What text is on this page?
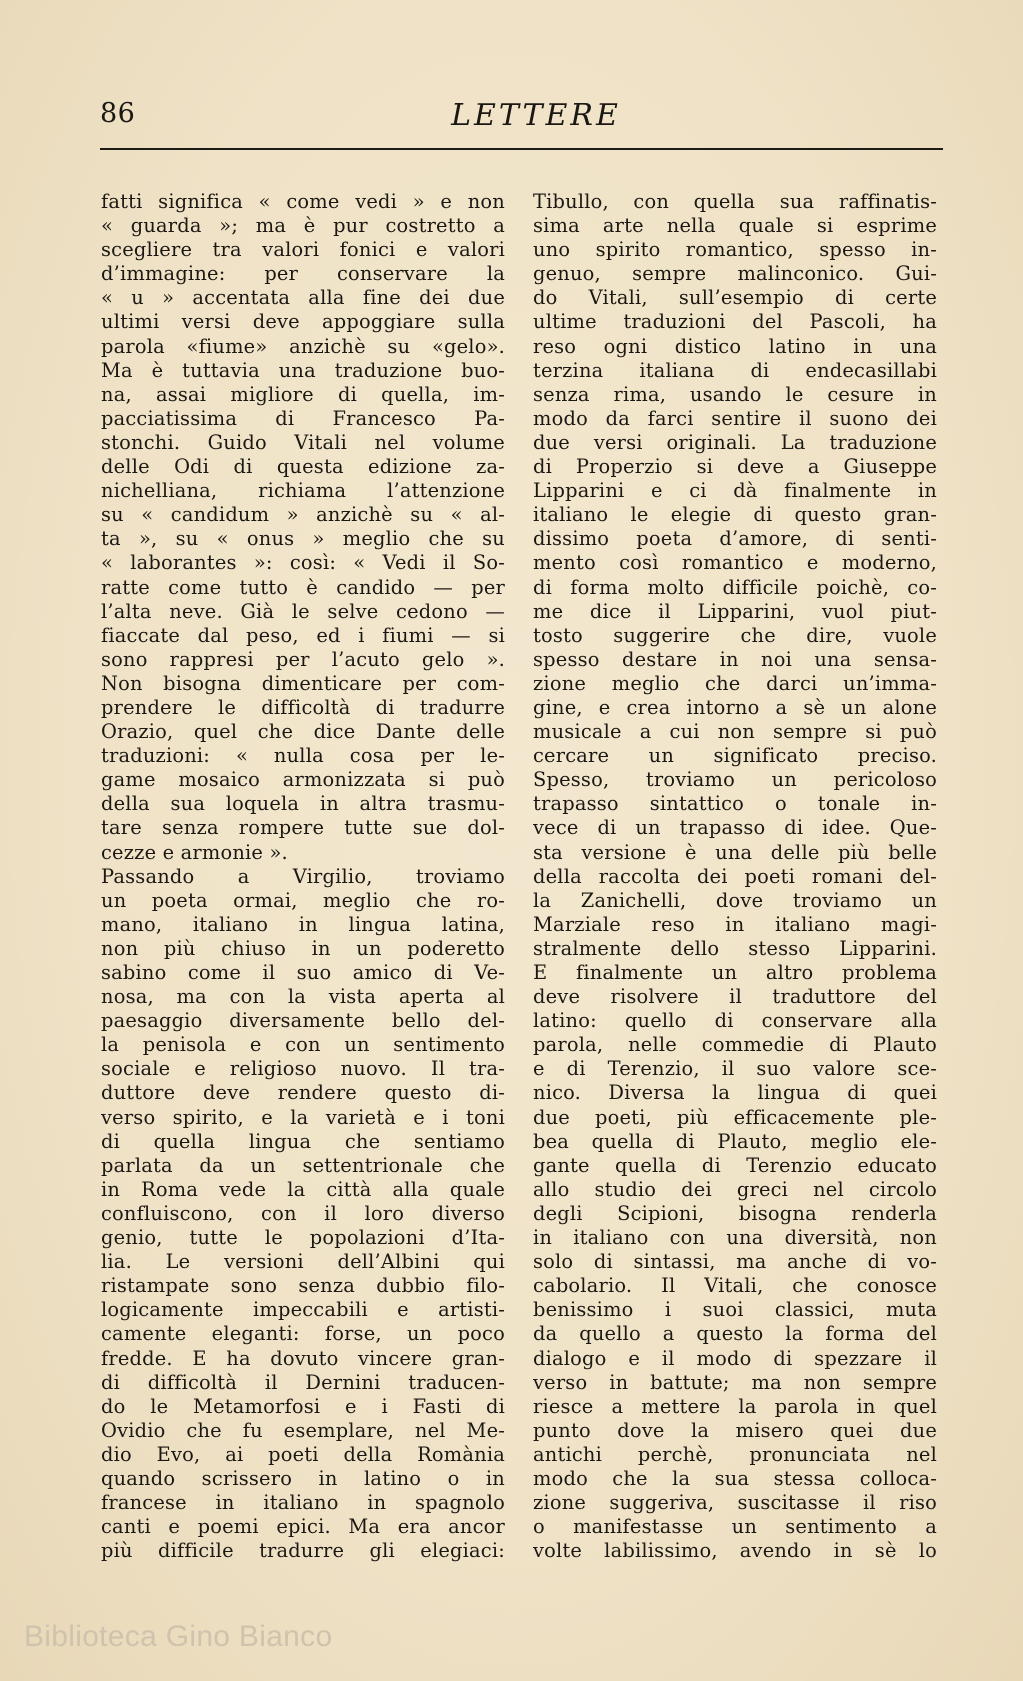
86	LETTERE
fatti significa « come vedi » e non
« guarda »; ma è pur costretto a
scegliere tra valori fonici e valori
d’immagine: per conservare la
« u » accentata alla fine dei due
ultimi versi deve appoggiare sulla
parola «fiume» anzichè su «gelo».
Ma è tuttavia una traduzione buo-
na, assai migliore di quella, im-
pacciatissima di Francesco Pa-
stonchi. Guido Vitali nel volume
delle Odi di questa edizione za-
nichelliana, richiama l’attenzione
su « candidum » anzichè su « al-
ta », su « onus » meglio che su
« laborantes »: così: « Vedi il So-
ratte come tutto è candido — per
l’alta neve. Già le selve cedono —
fiaccate dal peso, ed i fiumi — si
sono rappresi per l’acuto gelo ».
Non bisogna dimenticare per com-
prendere le difficoltà di tradurre
Orazio, quel che dice Dante delle
traduzioni: « nulla cosa per le-
game mosaico armonizzata si può
della sua loquela in altra trasmu-
tare senza rompere tutte sue dol-
cezze e armonie ».
Passando a Virgilio, troviamo
un poeta ormai, meglio che ro-
mano, italiano in lingua latina,
non più chiuso in un poderetto
sabino come il suo amico di Ve-
nosa, ma con la vista aperta al
paesaggio diversamente bello del-
la penisola e con un sentimento
sociale e religioso nuovo. Il tra-
duttore deve rendere questo di-
verso spirito, e la varietà e i toni
di quella lingua che sentiamo
parlata da un settentrionale che
in Roma vede la città alla quale
confluiscono, con il loro diverso
genio, tutte le popolazioni d’Ita-
lia. Le versioni dell’Albini qui
ristampate sono senza dubbio filo-
logicamente impeccabili e artisti-
camente eleganti: forse, un poco
fredde. E ha dovuto vincere gran-
di difficoltà il Dernini traducen-
do le Metamorfosi e i Fasti di
Ovidio che fu esemplare, nel Me-
dio Evo, ai poeti della Romània
quando scrissero in latino o in
francese in italiano in spagnolo
canti e poemi epici. Ma era ancor
più difficile tradurre gli elegiaci:
Tibullo, con quella sua raffinatis-
sima arte nella quale si esprime
uno spirito romantico, spesso in-
genuo, sempre malinconico. Gui-
do Vitali, sull’esempio di certe
ultime traduzioni del Pascoli, ha
reso ogni distico latino in una
terzina italiana di endecasillabi
senza rima, usando le cesure in
modo da farci sentire il suono dei
due versi originali. La traduzione
di Properzio si deve a Giuseppe
Lipparini e ci dà finalmente in
italiano le elegie di questo gran-
dissimo poeta d’amore, di senti-
mento così romantico e moderno,
di forma molto difficile poichè, co-
me dice il Lipparini, vuol piut-
tosto suggerire che dire, vuole
spesso destare in noi una sensa-
zione meglio che darci un’imma-
gine, e crea intorno a sè un alone
musicale a cui non sempre si può
cercare un significato preciso.
Spesso, troviamo un pericoloso
trapasso sintattico o tonale in-
vece di un trapasso di idee. Que-
sta versione è una delle più belle
della raccolta dei poeti romani del-
la Zanichelli, dove troviamo un
Marziale reso in italiano magi-
stralmente dello stesso Lipparini.
E finalmente un altro problema
deve risolvere il traduttore del
latino: quello di conservare alla
parola, nelle commedie di Plauto
e di Terenzio, il suo valore sce-
nico. Diversa la lingua di quei
due poeti, più efficacemente ple-
bea quella di Plauto, meglio ele-
gante quella di Terenzio educato
allo studio dei greci nel circolo
degli Scipioni, bisogna renderla
in italiano con una diversità, non
solo di sintassi, ma anche di vo-
cabolario. Il Vitali, che conosce
benissimo i suoi classici, muta
da quello a questo la forma del
dialogo e il modo di spezzare il
verso in battute; ma non sempre
riesce a mettere la parola in quel
punto dove la misero quei due
antichi perchè, pronunciata nel
modo che la sua stessa colloca-
zione suggeriva, suscitasse il riso
o manifestasse un sentimento a
volte labilissimo, avendo in sè lo
Biblioteca Gino Bianco
